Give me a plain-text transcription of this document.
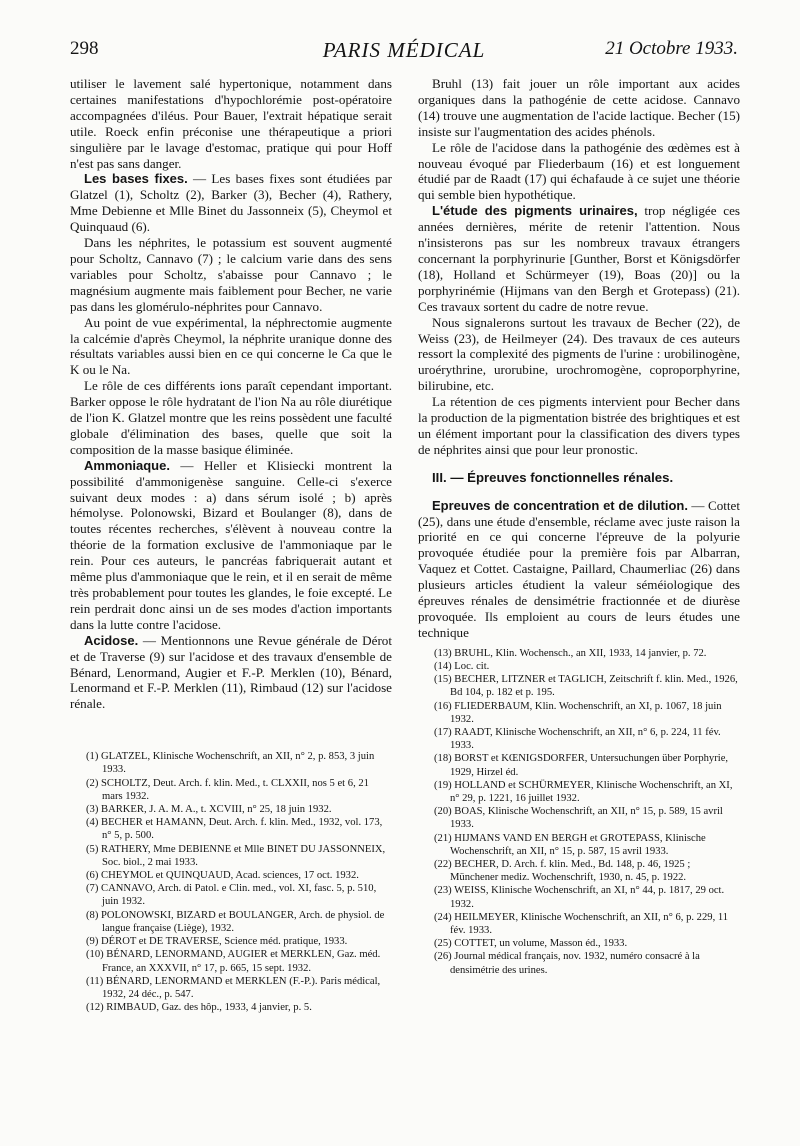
298	PARIS MÉDICAL	21 Octobre 1933.

utiliser le lavement salé hypertonique, notamment dans certaines manifestations d'hypochlorémie post-opératoire accompagnées d'iléus. Pour Bauer, l'extrait hépatique serait utile. Roeck enfin préconise une thérapeutique a priori singulière par le lavage d'estomac, pratique qui pour Hoff n'est pas sans danger.

Les bases fixes. — Les bases fixes sont étudiées par Glatzel (1), Scholtz (2), Barker (3), Becher (4), Rathery, Mme Debienne et Mlle Binet du Jassonneix (5), Cheymol et Quinquaud (6).

Dans les néphrites, le potassium est souvent augmenté pour Scholtz, Cannavo (7) ; le calcium varie dans des sens variables pour Scholtz, s'abaisse pour Cannavo ; le magnésium augmente mais faiblement pour Becher, ne varie pas dans les glomérulo-néphrites pour Cannavo.

Au point de vue expérimental, la néphrectomie augmente la calcémie d'après Cheymol, la néphrite uranique donne des résultats variables aussi bien en ce qui concerne le Ca que le K ou le Na.

Le rôle de ces différents ions paraît cependant important. Barker oppose le rôle hydratant de l'ion Na au rôle diurétique de l'ion K. Glatzel montre que les reins possèdent une faculté globale d'élimination des bases, quelle que soit la composition de la masse basique éliminée.

Ammoniaque. — Heller et Klisiecki montrent la possibilité d'ammonigenèse sanguine. Celle-ci s'exerce suivant deux modes : a) dans sérum isolé ; b) après hémolyse. Polonowski, Bizard et Boulanger (8), dans de toutes récentes recherches, s'élèvent à nouveau contre la théorie de la formation exclusive de l'ammoniaque par le rein. Pour ces auteurs, le pancréas fabriquerait autant et même plus d'ammoniaque que le rein, et il en serait de même très probablement pour toutes les glandes, le foie excepté. Le rein perdrait donc ainsi un de ses modes d'action importants dans la lutte contre l'acidose.

Acidose. — Mentionnons une Revue générale de Dérot et de Traverse (9) sur l'acidose et des travaux d'ensemble de Bénard, Lenormand, Augier et F.-P. Merklen (10), Bénard, Lenormand et F.-P. Merklen (11), Rimbaud (12) sur l'acidose rénale.

(1) GLATZEL, Klinische Wochenschrift, an XII, n° 2, p. 853, 3 juin 1933.
(2) SCHOLTZ, Deut. Arch. f. klin. Med., t. CLXXII, nos 5 et 6, 21 mars 1932.
(3) BARKER, J. A. M. A., t. XCVIII, n° 25, 18 juin 1932.
(4) BECHER et HAMANN, Deut. Arch. f. klin. Med., 1932, vol. 173, n° 5, p. 500.
(5) RATHERY, Mme DEBIENNE et Mlle BINET DU JASSONNEIX, Soc. biol., 2 mai 1933.
(6) CHEYMOL et QUINQUAUD, Acad. sciences, 17 oct. 1932.
(7) CANNAVO, Arch. di Patol. e Clin. med., vol. XI, fasc. 5, p. 510, juin 1932.
(8) POLONOWSKI, BIZARD et BOULANGER, Arch. de physiol. de langue française (Liège), 1932.
(9) DÉROT et DE TRAVERSE, Science méd. pratique, 1933.
(10) BÉNARD, LENORMAND, AUGIER et MERKLEN, Gaz. méd. France, an XXXVII, n° 17, p. 665, 15 sept. 1932.
(11) BÉNARD, LENORMAND et MERKLEN (F.-P.). Paris médical, 1932, 24 déc., p. 547.
(12) RIMBAUD, Gaz. des hôp., 1933, 4 janvier, p. 5.

Bruhl (13) fait jouer un rôle important aux acides organiques dans la pathogénie de cette acidose. Cannavo (14) trouve une augmentation de l'acide lactique. Becher (15) insiste sur l'augmentation des acides phénols.

Le rôle de l'acidose dans la pathogénie des œdèmes est à nouveau évoqué par Fliederbaum (16) et est longuement étudié par de Raadt (17) qui échafaude à ce sujet une théorie qui semble bien hypothétique.

L'étude des pigments urinaires, trop négligée ces années dernières, mérite de retenir l'attention. Nous n'insisterons pas sur les nombreux travaux étrangers concernant la porphyrinurie [Gunther, Borst et Königsdörfer (18), Holland et Schürmeyer (19), Boas (20)] ou la porphyrinémie (Hijmans van den Bergh et Grotepass) (21). Ces travaux sortent du cadre de notre revue.

Nous signalerons surtout les travaux de Becher (22), de Weiss (23), de Heilmeyer (24). Des travaux de ces auteurs ressort la complexité des pigments de l'urine : urobilinogène, uroérythrine, urorubine, urochromogène, coproporphyrine, bilirubine, etc.

La rétention de ces pigments intervient pour Becher dans la production de la pigmentation bistrée des brightiques et est un élément important pour la classification des divers types de néphrites ainsi que pour leur pronostic.

III. — Épreuves fonctionnelles rénales.

Epreuves de concentration et de dilution. — Cottet (25), dans une étude d'ensemble, réclame avec juste raison la priorité en ce qui concerne l'épreuve de la polyurie provoquée étudiée pour la première fois par Albarran, Vaquez et Cottet. Castaigne, Paillard, Chaumerliac (26) dans plusieurs articles étudient la valeur séméiologique des épreuves rénales de densimétrie fractionnée et de diurèse provoquée. Ils emploient au cours de leurs études une technique

(13) BRUHL, Klin. Wochensch., an XII, 1933, 14 janvier, p. 72.
(14) Loc. cit.
(15) BECHER, LITZNER et TAGLICH, Zeitschrift f. klin. Med., 1926, Bd 104, p. 182 et p. 195.
(16) FLIEDERBAUM, Klin. Wochenschrift, an XI, p. 1067, 18 juin 1932.
(17) RAADT, Klinische Wochenschrift, an XII, n° 6, p. 224, 11 fév. 1933.
(18) BORST et KŒNIGSDORFER, Untersuchungen über Porphyrie, 1929, Hirzel éd.
(19) HOLLAND et SCHÜRMEYER, Klinische Wochenschrift, an XI, n° 29, p. 1221, 16 juillet 1932.
(20) BOAS, Klinische Wochenschrift, an XII, n° 15, p. 589, 15 avril 1933.
(21) HIJMANS VAND EN BERGH et GROTEPASS, Klinische Wochenschrift, an XII, n° 15, p. 587, 15 avril 1933.
(22) BECHER, D. Arch. f. klin. Med., Bd. 148, p. 46, 1925 ; Münchener mediz. Wochenschrift, 1930, n. 45, p. 1922.
(23) WEISS, Klinische Wochenschrift, an XI, n° 44, p. 1817, 29 oct. 1932.
(24) HEILMEYER, Klinische Wochenschrift, an XII, n° 6, p. 229, 11 fév. 1933.
(25) COTTET, un volume, Masson éd., 1933.
(26) Journal médical français, nov. 1932, numéro consacré à la densimétrie des urines.
